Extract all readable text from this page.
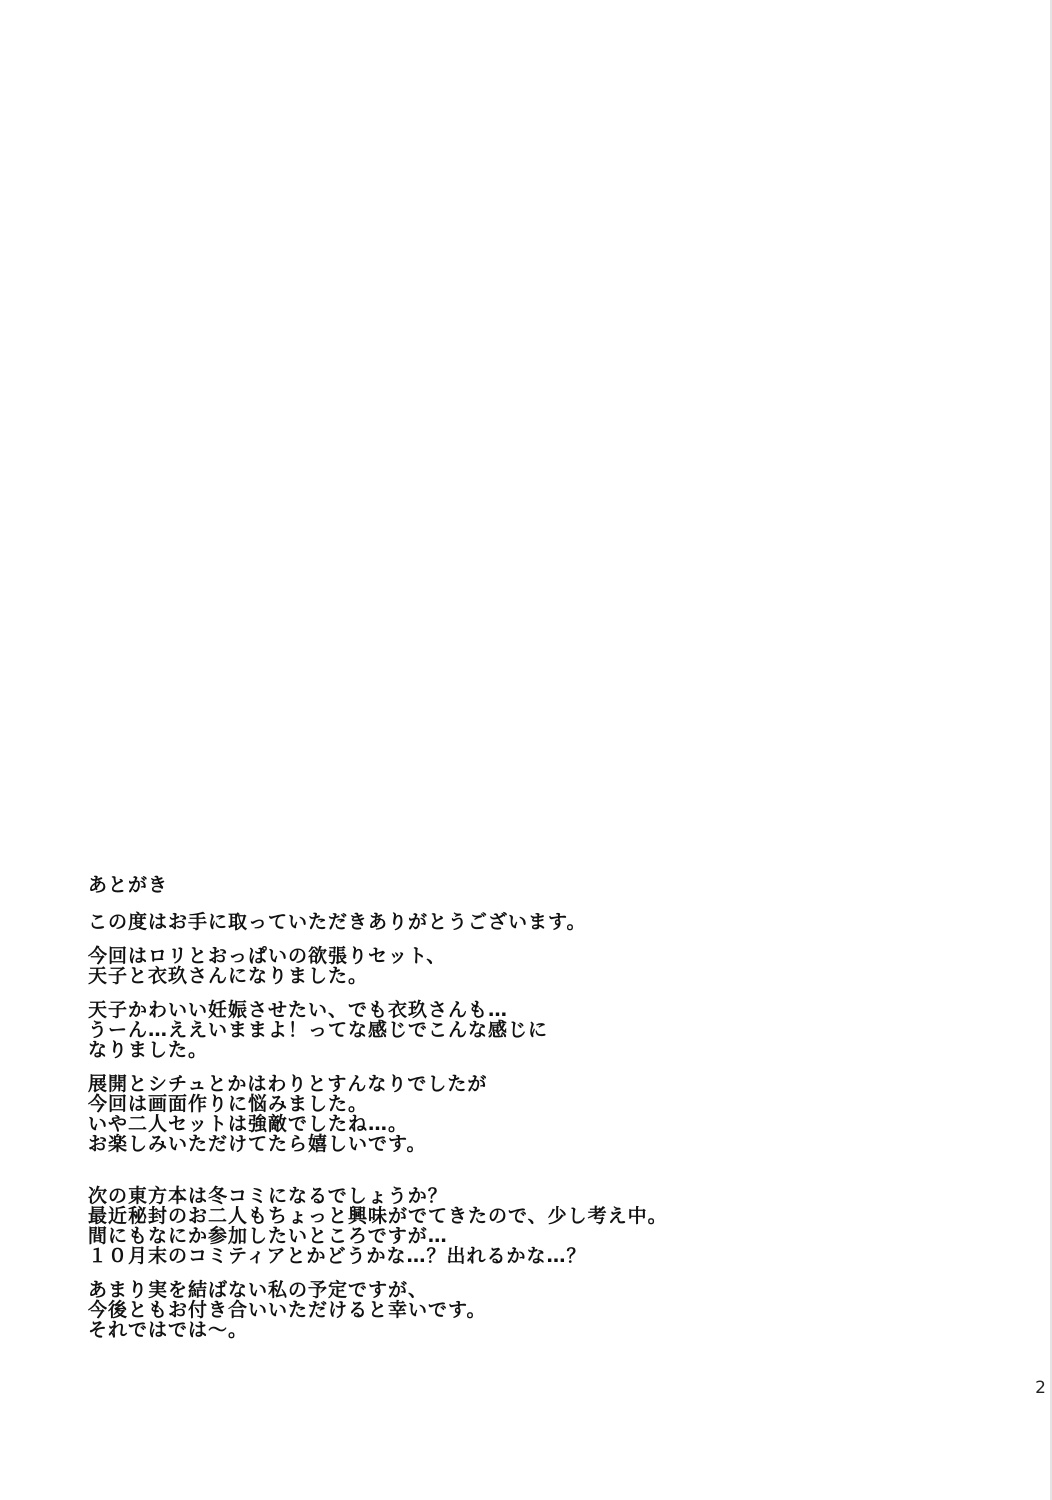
あとがき
この度はお手に取っていただきありがとうございます。
今回はロリとおっぱいの欲張りセット、
天子と衣玖さんになりました。
天子かわいい妊娠させたい、でも衣玖さんも…
うーん…ええいままよ！ってな感じでこんな感じに
なりました。
展開とシチュとかはわりとすんなりでしたが
今回は画面作りに悩みました。
いや二人セットは強敵でしたね…。
お楽しみいただけてたら嬉しいです。
次の東方本は冬コミになるでしょうか？
最近秘封のお二人もちょっと興味がでてきたので、少し考え中。
間にもなにか参加したいところですが…
１０月末のコミティアとかどうかな…？出れるかな…？
あまり実を結ばない私の予定ですが、
今後ともお付き合いいただけると幸いです。
それではでは～。
2
